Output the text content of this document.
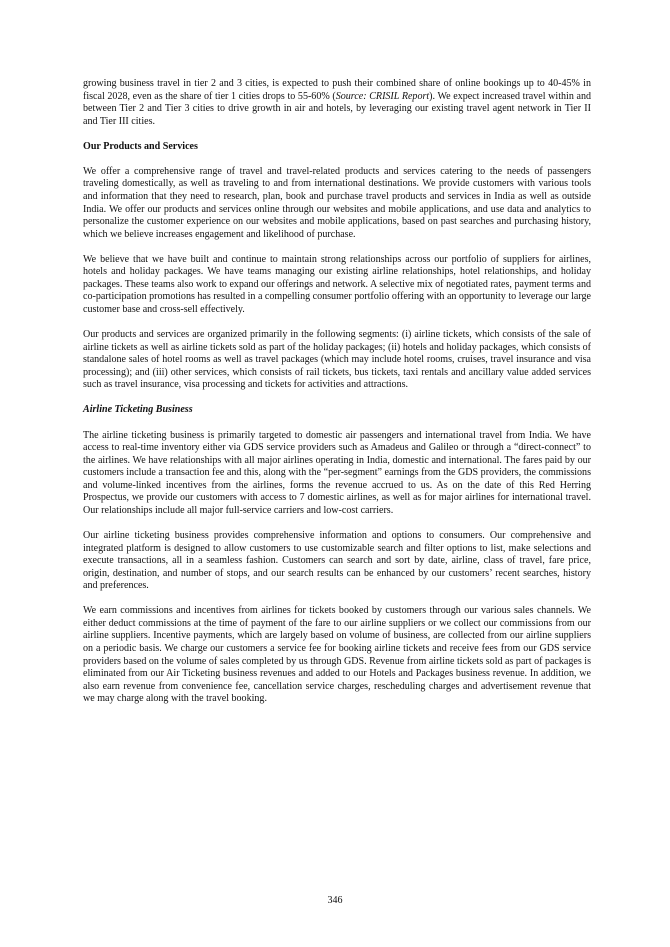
growing business travel in tier 2 and 3 cities, is expected to push their combined share of online bookings up to 40-45% in fiscal 2028, even as the share of tier 1 cities drops to 55-60% (Source: CRISIL Report). We expect increased travel within and between Tier 2 and Tier 3 cities to drive growth in air and hotels, by leveraging our existing travel agent network in Tier II and Tier III cities.

Our Products and Services

We offer a comprehensive range of travel and travel-related products and services catering to the needs of passengers traveling domestically, as well as traveling to and from international destinations. We provide customers with various tools and information that they need to research, plan, book and purchase travel products and services in India as well as outside India. We offer our products and services online through our websites and mobile applications, and use data and analytics to personalize the customer experience on our websites and mobile applications, based on past searches and purchasing history, which we believe increases engagement and likelihood of purchase.

We believe that we have built and continue to maintain strong relationships across our portfolio of suppliers for airlines, hotels and holiday packages. We have teams managing our existing airline relationships, hotel relationships, and holiday packages. These teams also work to expand our offerings and network. A selective mix of negotiated rates, payment terms and co-participation promotions has resulted in a compelling consumer portfolio offering with an opportunity to leverage our large customer base and cross-sell effectively.

Our products and services are organized primarily in the following segments: (i) airline tickets, which consists of the sale of airline tickets as well as airline tickets sold as part of the holiday packages; (ii) hotels and holiday packages, which consists of standalone sales of hotel rooms as well as travel packages (which may include hotel rooms, cruises, travel insurance and visa processing); and (iii) other services, which consists of rail tickets, bus tickets, taxi rentals and ancillary value added services such as travel insurance, visa processing and tickets for activities and attractions.

Airline Ticketing Business

The airline ticketing business is primarily targeted to domestic air passengers and international travel from India. We have access to real-time inventory either via GDS service providers such as Amadeus and Galileo or through a “direct-connect” to the airlines. We have relationships with all major airlines operating in India, domestic and international. The fares paid by our customers include a transaction fee and this, along with the “per-segment” earnings from the GDS providers, the commissions and volume-linked incentives from the airlines, forms the revenue accrued to us. As on the date of this Red Herring Prospectus, we provide our customers with access to 7 domestic airlines, as well as for major airlines for international travel. Our relationships include all major full-service carriers and low-cost carriers.

Our airline ticketing business provides comprehensive information and options to consumers. Our comprehensive and integrated platform is designed to allow customers to use customizable search and filter options to list, make selections and execute transactions, all in a seamless fashion. Customers can search and sort by date, airline, class of travel, fare price, origin, destination, and number of stops, and our search results can be enhanced by our customers’ recent searches, history and preferences.

We earn commissions and incentives from airlines for tickets booked by customers through our various sales channels. We either deduct commissions at the time of payment of the fare to our airline suppliers or we collect our commissions from our airline suppliers. Incentive payments, which are largely based on volume of business, are collected from our airline suppliers on a periodic basis. We charge our customers a service fee for booking airline tickets and receive fees from our GDS service providers based on the volume of sales completed by us through GDS. Revenue from airline tickets sold as part of packages is eliminated from our Air Ticketing business revenues and added to our Hotels and Packages business revenue. In addition, we also earn revenue from convenience fee, cancellation service charges, rescheduling charges and advertisement revenue that we may charge along with the travel booking.

346
